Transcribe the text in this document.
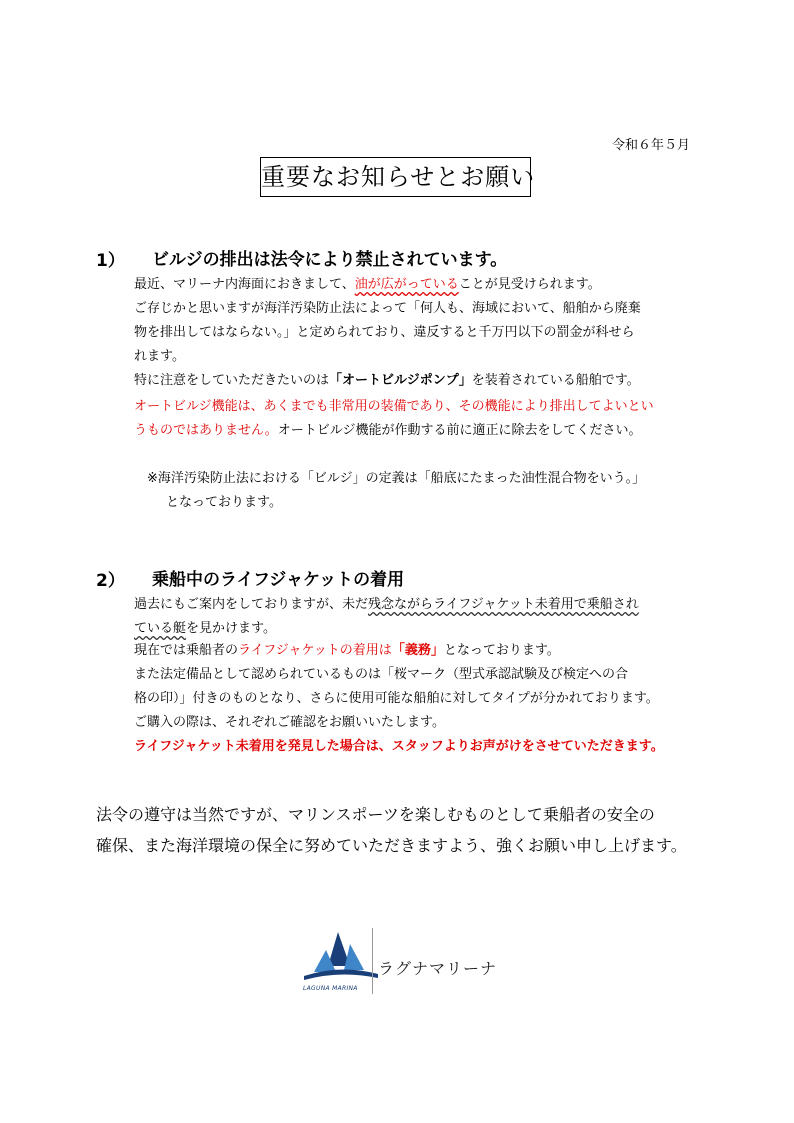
令和６年５月
重要なお知らせとお願い
1） ビルジの排出は法令により禁止されています。
最近、マリーナ内海面におきまして、油が広がっていることが見受けられます。
ご存じかと思いますが海洋汚染防止法によって「何人も、海域において、船舶から廃棄
物を排出してはならない。」と定められており、違反すると千万円以下の罰金が科せら
れます。
特に注意をしていただきたいのは「オートビルジポンプ」を装着されている船舶です。
オートビルジ機能は、あくまでも非常用の装備であり、その機能により排出してよいとい
うものではありません。オートビルジ機能が作動する前に適正に除去をしてください。
※海洋汚染防止法における「ビルジ」の定義は「船底にたまった油性混合物をいう。」
となっております。
2） 乗船中のライフジャケットの着用
過去にもご案内をしておりますが、未だ残念ながらライフジャケット未着用で乗船され
ている艇を見かけます。
現在では乗船者のライフジャケットの着用は「義務」となっております。
また法定備品として認められているものは「桜マーク（型式承認試験及び検定への合
格の印）」付きのものとなり、さらに使用可能な船舶に対してタイプが分かれております。
ご購入の際は、それぞれご確認をお願いいたします。
ライフジャケット未着用を発見した場合は、スタッフよりお声がけをさせていただきます。
法令の遵守は当然ですが、マリンスポーツを楽しむものとして乗船者の安全の
確保、また海洋環境の保全に努めていただきますよう、強くお願い申し上げます。
LAGUNA MARINA
ラグナマリーナ
